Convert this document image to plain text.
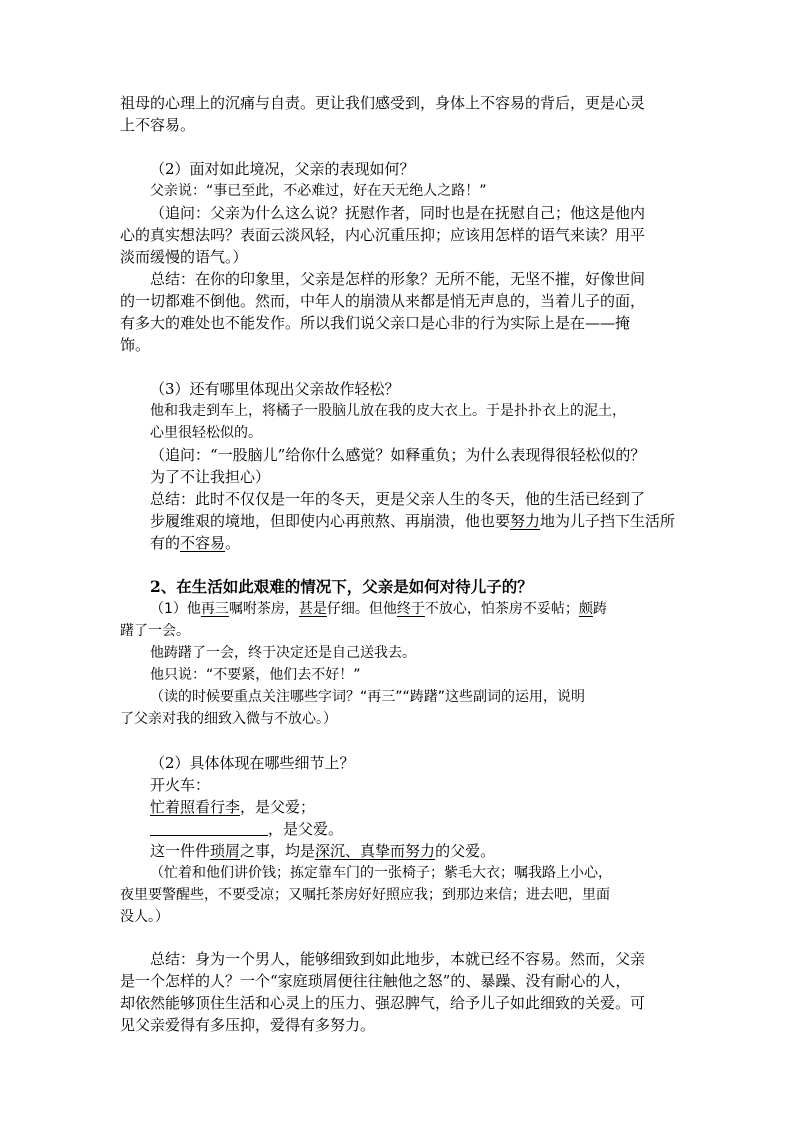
祖母的心理上的沉痛与自责。更让我们感受到，身体上不容易的背后，更是心灵
上不容易。
（2）面对如此境况，父亲的表现如何？
父亲说：“事已至此，不必难过，好在天无绝人之路！”
（追问：父亲为什么这么说？抚慰作者，同时也是在抚慰自己；他这是他内
心的真实想法吗？表面云淡风轻，内心沉重压抑；应该用怎样的语气来读？用平
淡而缓慢的语气。）
总结：在你的印象里，父亲是怎样的形象？无所不能，无坚不摧，好像世间
的一切都难不倒他。然而，中年人的崩溃从来都是悄无声息的，当着儿子的面，
有多大的难处也不能发作。所以我们说父亲口是心非的行为实际上是在——掩
饰。
（3）还有哪里体现出父亲故作轻松？
他和我走到车上，将橘子一股脑儿放在我的皮大衣上。于是扑扑衣上的泥土，
心里很轻松似的。
（追问：“一股脑儿”给你什么感觉？如释重负；为什么表现得很轻松似的？
为了不让我担心）
总结：此时不仅仅是一年的冬天，更是父亲人生的冬天，他的生活已经到了
步履维艰的境地，但即使内心再煎熬、再崩溃，他也要努力地为儿子挡下生活所
有的不容易。
2、在生活如此艰难的情况下，父亲是如何对待儿子的？
（1）他再三嘱咐茶房，甚是仔细。但他终于不放心，怕茶房不妥帖；颇踌
躇了一会。
他踌躇了一会，终于决定还是自己送我去。
他只说：“不要紧，他们去不好！”
（读的时候要重点关注哪些字词？“再三”“踌躇”这些副词的运用，说明
了父亲对我的细致入微与不放心。）
（2）具体体现在哪些细节上？
开火车：
忙着照看行李，是父爱；
，是父爱。
这一件件琐屑之事，均是深沉、真挚而努力的父爱。
（忙着和他们讲价钱；拣定靠车门的一张椅子；紫毛大衣；嘱我路上小心，
夜里要警醒些，不要受凉；又嘱托茶房好好照应我；到那边来信；进去吧，里面
没人。）
总结：身为一个男人，能够细致到如此地步，本就已经不容易。然而，父亲
是一个怎样的人？一个“家庭琐屑便往往触他之怒”的、暴躁、没有耐心的人，
却依然能够顶住生活和心灵上的压力、强忍脾气，给予儿子如此细致的关爱。可
见父亲爱得有多压抑，爱得有多努力。
